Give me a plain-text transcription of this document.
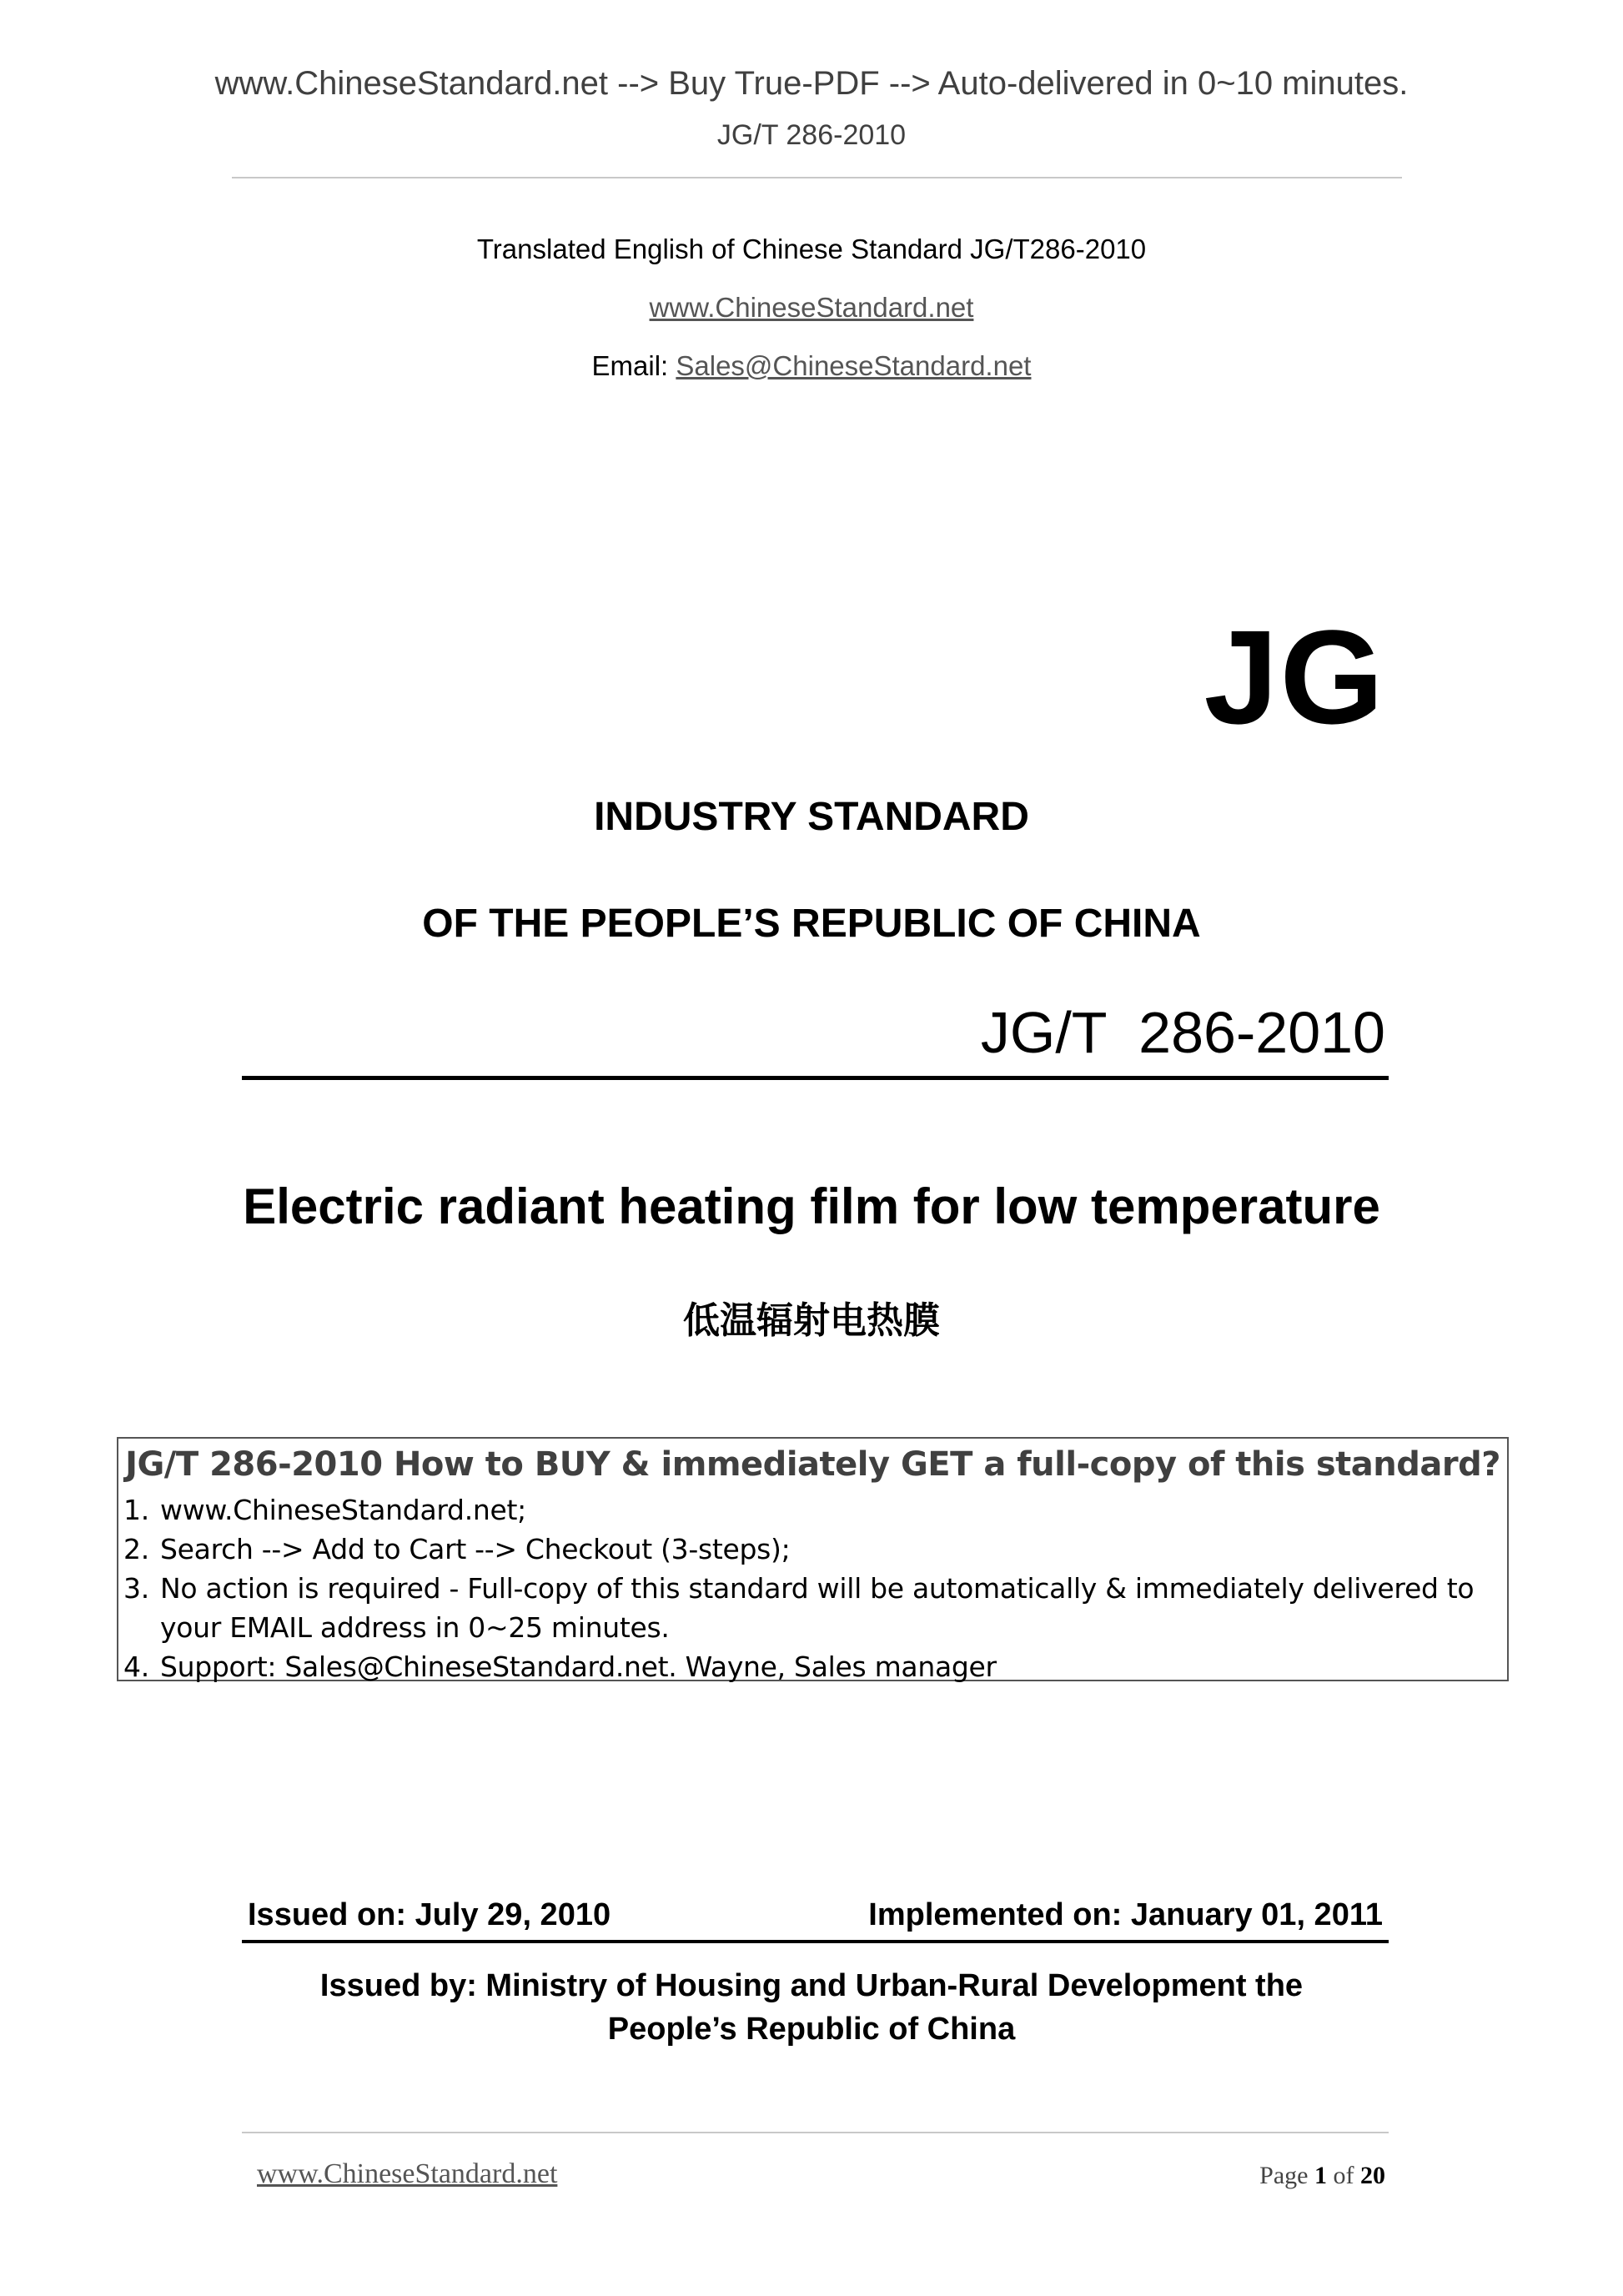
www.ChineseStandard.net --> Buy True-PDF --> Auto-delivered in 0~10 minutes.
JG/T 286-2010
Translated English of Chinese Standard JG/T286-2010
www.ChineseStandard.net
Email: Sales@ChineseStandard.net
JG
INDUSTRY STANDARD
OF THE PEOPLE’S REPUBLIC OF CHINA
JG/T  286-2010
Electric radiant heating film for low temperature
低温辐射电热膜
JG/T 286-2010 How to BUY & immediately GET a full-copy of this standard?
1. www.ChineseStandard.net;
2. Search --> Add to Cart --> Checkout (3-steps);
3. No action is required - Full-copy of this standard will be automatically & immediately delivered to
your EMAIL address in 0~25 minutes.
4. Support: Sales@ChineseStandard.net. Wayne, Sales manager
Issued on: July 29, 2010	Implemented on: January 01, 2011
Issued by: Ministry of Housing and Urban-Rural Development the
People’s Republic of China
www.ChineseStandard.net	Page 1 of 20
